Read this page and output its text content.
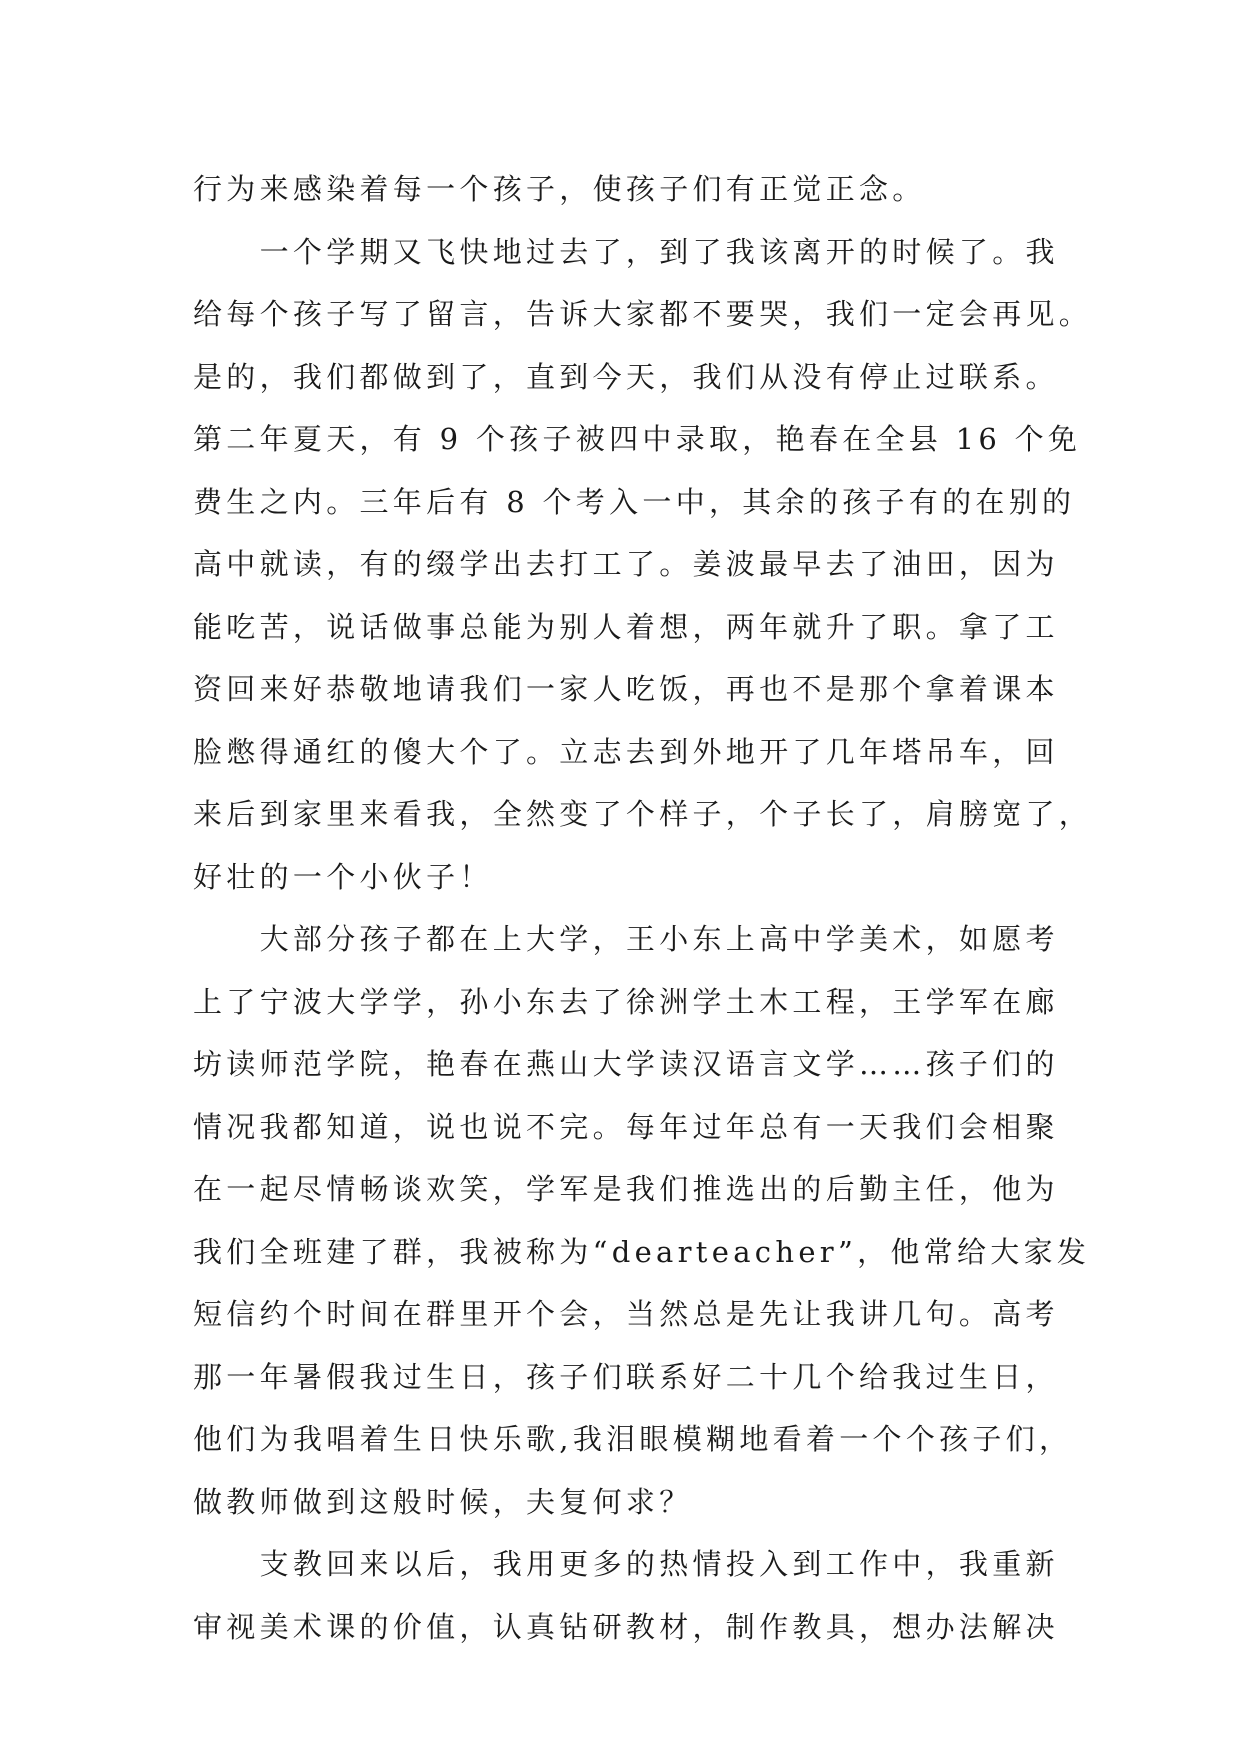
行为来感染着每一个孩子，使孩子们有正觉正念。
　　一个学期又飞快地过去了，到了我该离开的时候了。我
给每个孩子写了留言，告诉大家都不要哭，我们一定会再见。
是的，我们都做到了，直到今天，我们从没有停止过联系。
第二年夏天，有 9 个孩子被四中录取，艳春在全县 16 个免
费生之内。三年后有 8 个考入一中，其余的孩子有的在别的
高中就读，有的缀学出去打工了。姜波最早去了油田，因为
能吃苦，说话做事总能为别人着想，两年就升了职。拿了工
资回来好恭敬地请我们一家人吃饭，再也不是那个拿着课本
脸憋得通红的傻大个了。立志去到外地开了几年塔吊车，回
来后到家里来看我，全然变了个样子，个子长了，肩膀宽了，
好壮的一个小伙子！
　　大部分孩子都在上大学，王小东上高中学美术，如愿考
上了宁波大学学，孙小东去了徐洲学土木工程，王学军在廊
坊读师范学院，艳春在燕山大学读汉语言文学……孩子们的
情况我都知道，说也说不完。每年过年总有一天我们会相聚
在一起尽情畅谈欢笑，学军是我们推选出的后勤主任，他为
我们全班建了群，我被称为“dearteacher”，他常给大家发
短信约个时间在群里开个会，当然总是先让我讲几句。高考
那一年暑假我过生日，孩子们联系好二十几个给我过生日，
他们为我唱着生日快乐歌,我泪眼模糊地看着一个个孩子们，
做教师做到这般时候，夫复何求？
　　支教回来以后，我用更多的热情投入到工作中，我重新
审视美术课的价值，认真钻研教材，制作教具，想办法解决
